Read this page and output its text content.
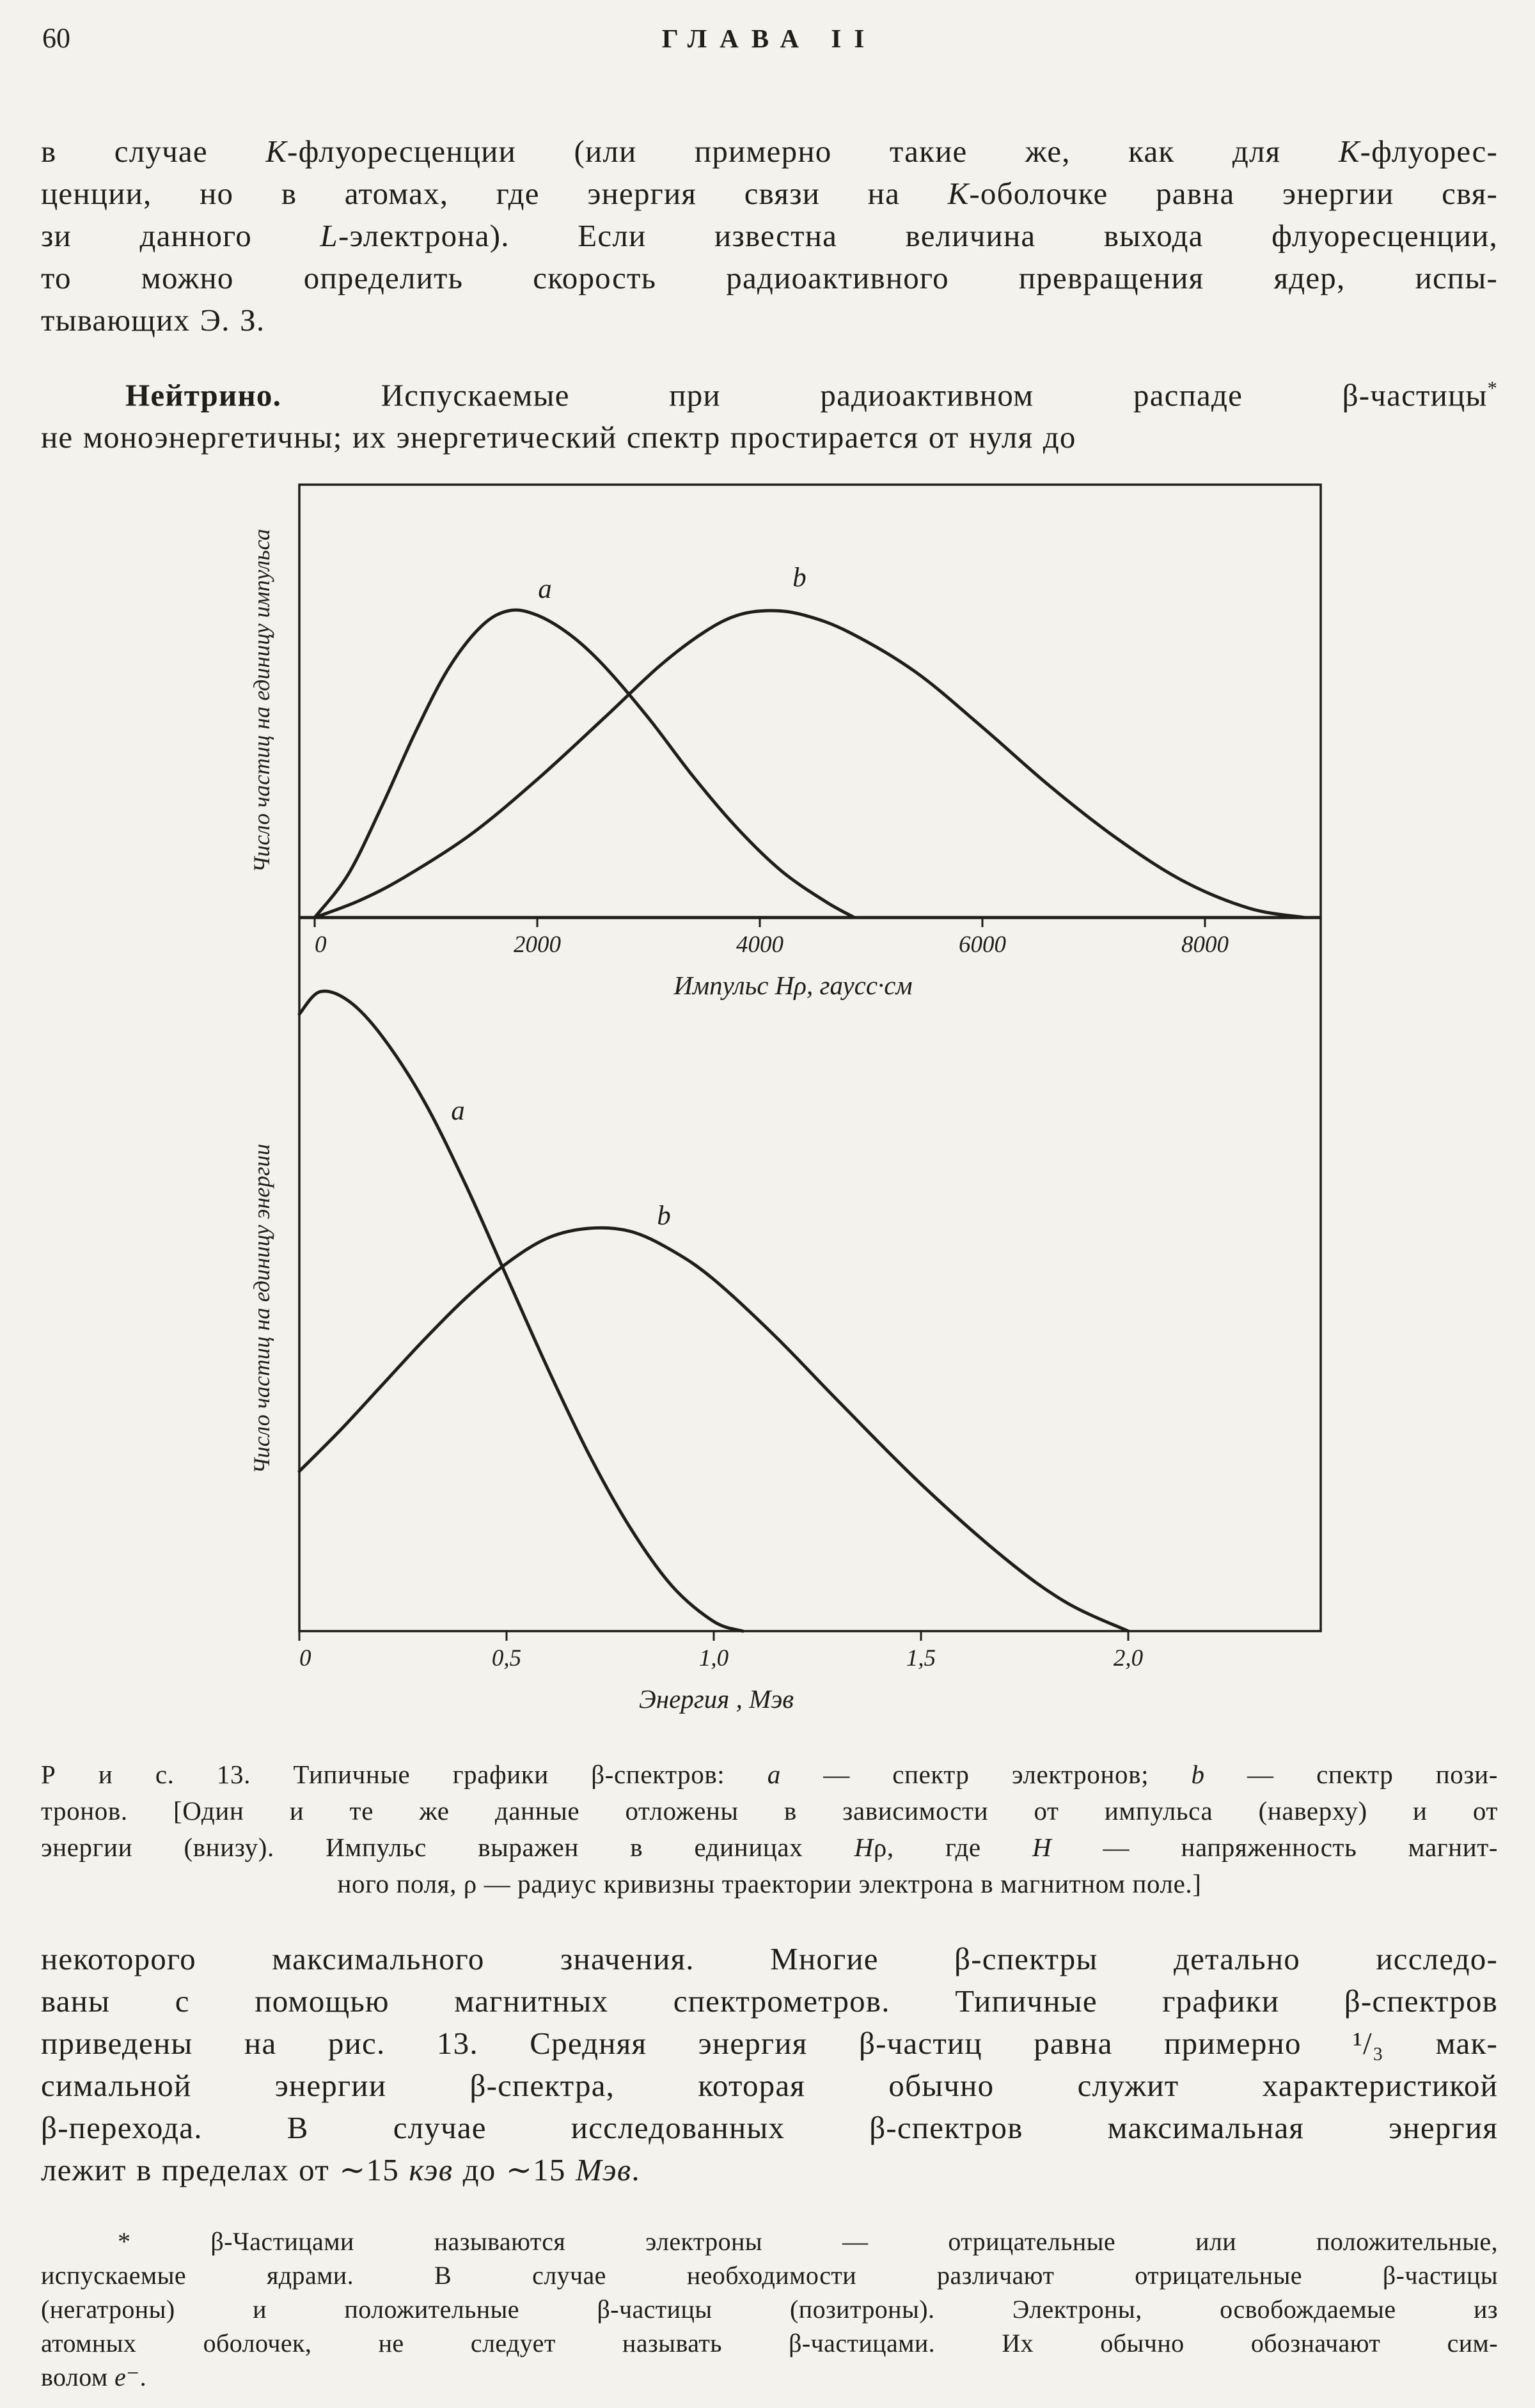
60	ГЛАВА II
в случае К-флуоресценции (или примерно такие же, как для К-флуорес-
ценции, но в атомах, где энергия связи на К-оболочке равна энергии свя-
зи данного L-электрона). Если известна величина выхода флуоресценции,
то можно определить скорость радиоактивного превращения ядер, испы-
тывающих Э. З.
Нейтрино. Испускаемые при радиоактивном распаде β-частицы*
не моноэнергетичны; их энергетический спектр простирается от нуля до
0	2000	4000	6000	8000
Импульс Нρ, гаусс·см
Число частиц на единицу импульса	a	b
0	0,5	1,0	1,5	2,0
Энергия , Мэв
Число частиц на единицу энергии
a
b
Р и с. 13. Типичные графики β-спектров: a — спектр электронов; b — спектр пози-
тронов. [Один и те же данные отложены в зависимости от импульса (наверху) и от
энергии (внизу). Импульс выражен в единицах Нρ, где Н — напряженность магнит-
ного поля, ρ — радиус кривизны траектории электрона в магнитном поле.]
некоторого максимального значения. Многие β-спектры детально исследо-
ваны с помощью магнитных спектрометров. Типичные графики β-спектров
приведены на рис. 13. Средняя энергия β-частиц равна примерно ¹/₃ мак-
симальной энергии β-спектра, которая обычно служит характеристикой
β-перехода. В случае исследованных β-спектров максимальная энергия
лежит в пределах от ∼15 кэв до ∼15 Мэв.
* β-Частицами называются электроны — отрицательные или положительные,
испускаемые ядрами. В случае необходимости различают отрицательные β-частицы
(негатроны) и положительные β-частицы (позитроны). Электроны, освобождаемые из
атомных оболочек, не следует называть β-частицами. Их обычно обозначают сим-
волом e⁻.
